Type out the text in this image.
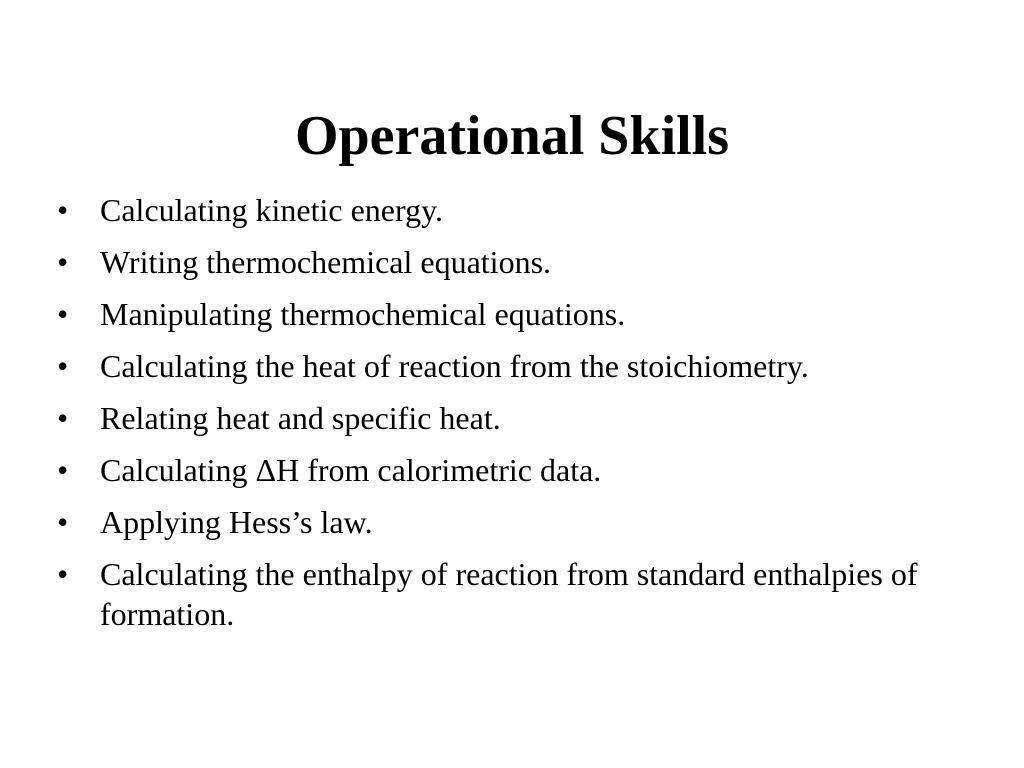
Operational Skills
• Calculating kinetic energy.
• Writing thermochemical equations.
• Manipulating thermochemical equations.
• Calculating the heat of reaction from the stoichiometry.
• Relating heat and specific heat.
• Calculating ΔH from calorimetric data.
• Applying Hess’s law.
• Calculating the enthalpy of reaction from standard enthalpies of formation.
